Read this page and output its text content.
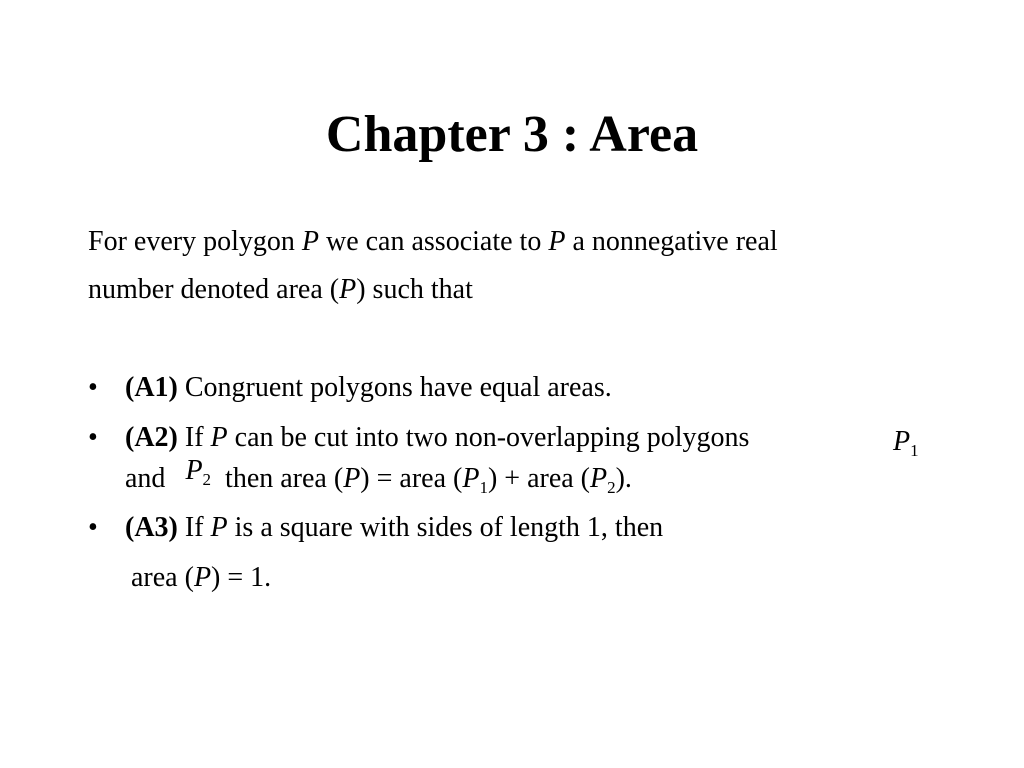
Chapter 3 : Area
For every polygon P we can associate to P a nonnegative real
number denoted area (P) such that
• (A1) Congruent polygons have equal areas.
• (A2) If P can be cut into two non-overlapping polygons	$P_1$
and $P_2$ then area (P) = area $(P_1)$ + area $(P_2)$.
• (A3) If P is a square with sides of length 1, then
area (P) = 1.
